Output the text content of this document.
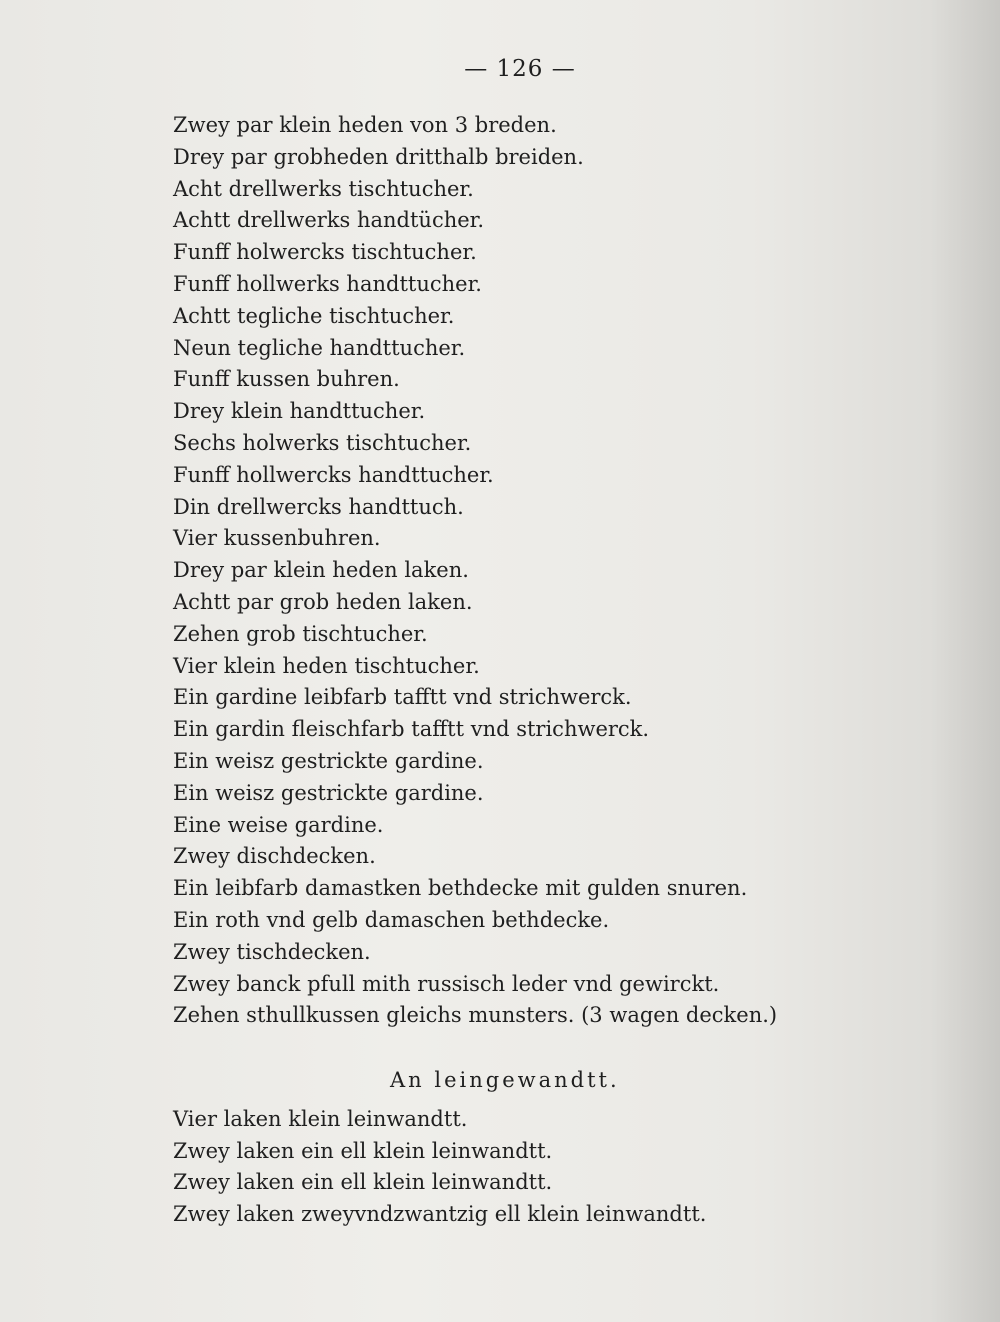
— 126 —
Zwey par klein heden von 3 breden.
Drey par grobheden dritthalb breiden.
Acht drellwerks tischtucher.
Achtt drellwerks handtücher.
Funff holwercks tischtucher.
Funff hollwerks handttucher.
Achtt tegliche tischtucher.
Neun tegliche handttucher.
Funff kussen buhren.
Drey klein handttucher.
Sechs holwerks tischtucher.
Funff hollwercks handttucher.
Din drellwercks handttuch.
Vier kussenbuhren.
Drey par klein heden laken.
Achtt par grob heden laken.
Zehen grob tischtucher.
Vier klein heden tischtucher.
Ein gardine leibfarb tafftt vnd strichwerck.
Ein gardin fleischfarb tafftt vnd strichwerck.
Ein weisz gestrickte gardine.
Ein weisz gestrickte gardine.
Eine weise gardine.
Zwey dischdecken.
Ein leibfarb damastken bethdecke mit gulden snuren.
Ein roth vnd gelb damaschen bethdecke.
Zwey tischdecken.
Zwey banck pfull mith russisch leder vnd gewirckt.
Zehen sthullkussen gleichs munsters. (3 wagen decken.)
An leingewandtt.
Vier laken klein leinwandtt.
Zwey laken ein ell klein leinwandtt.
Zwey laken ein ell klein leinwandtt.
Zwey laken zweyvndzwantzig ell klein leinwandtt.
